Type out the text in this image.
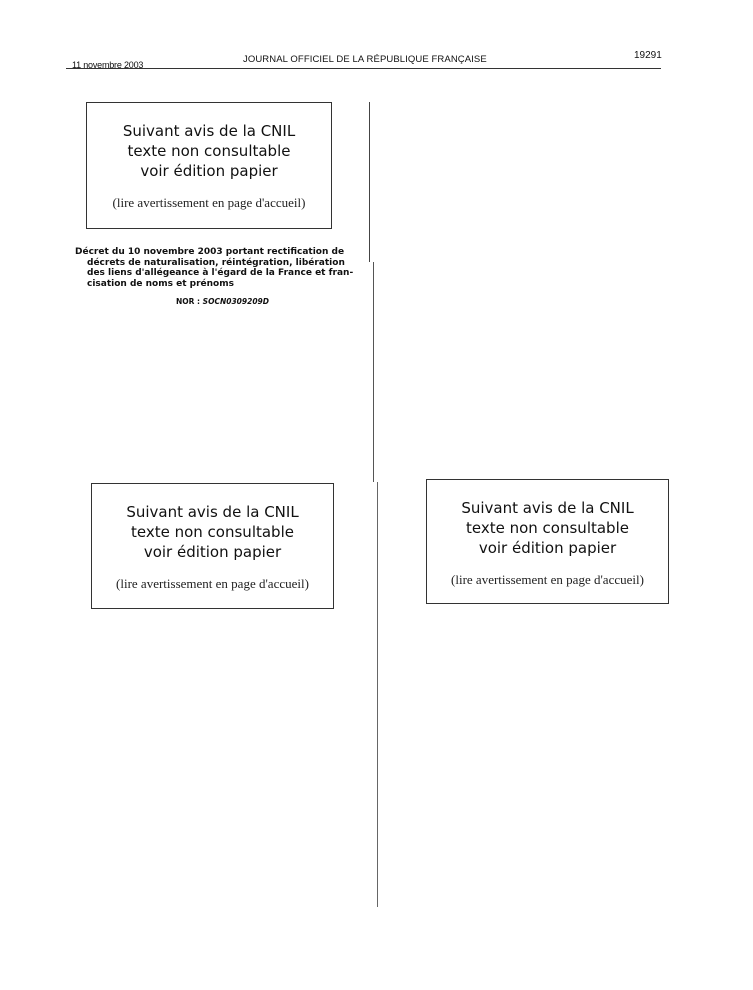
11 novembre 2003	JOURNAL OFFICIEL DE LA RÉPUBLIQUE FRANÇAISE	19291
Suivant avis de la CNIL
texte non consultable
voir édition papier
(lire avertissement en page d'accueil)
Décret du 10 novembre 2003 portant rectification de
décrets de naturalisation, réintégration, libération
des liens d'allégeance à l'égard de la France et fran-
cisation de noms et prénoms
NOR : SOCN0309209D
Suivant avis de la CNIL
texte non consultable
voir édition papier
(lire avertissement en page d'accueil)
Suivant avis de la CNIL
texte non consultable
voir édition papier
(lire avertissement en page d'accueil)
